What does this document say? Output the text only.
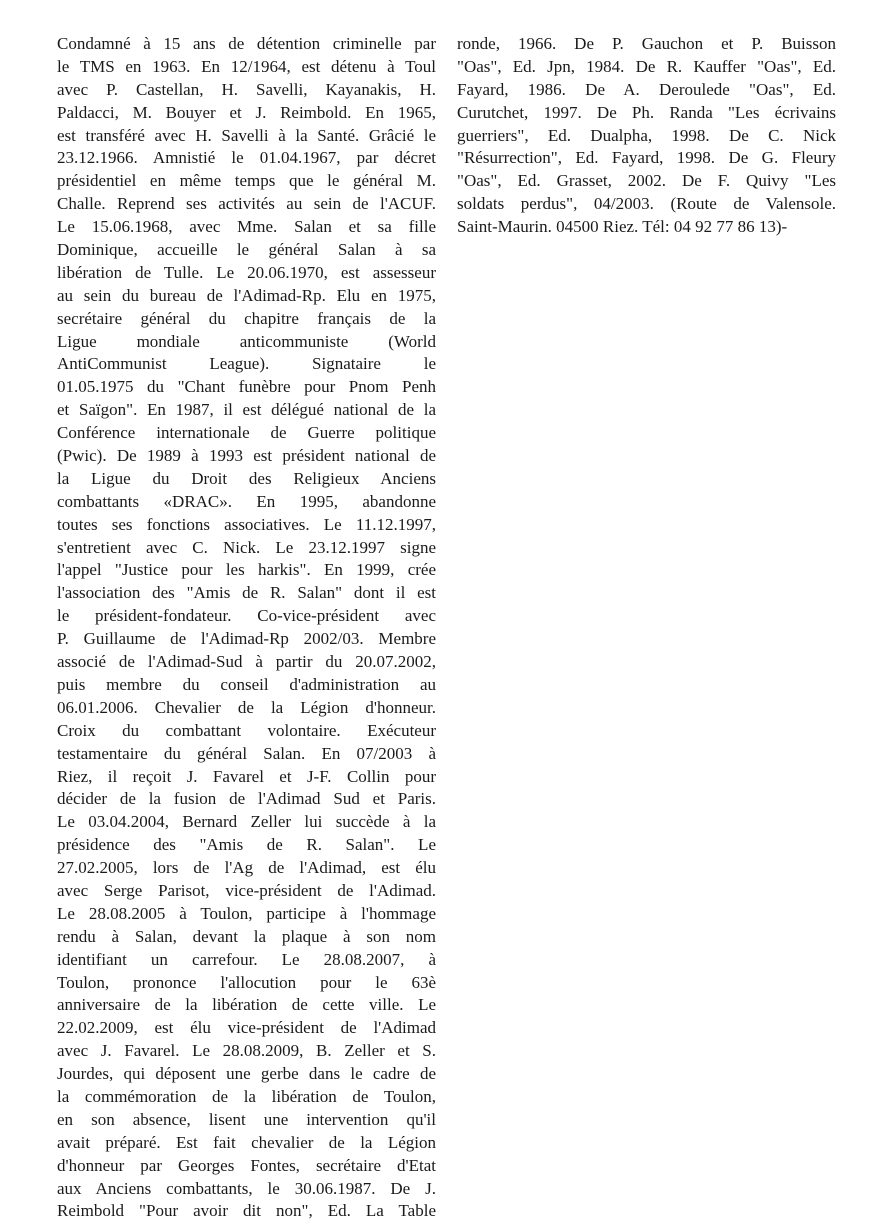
Condamné à 15 ans de détention criminelle par
le TMS en 1963. En 12/1964, est détenu à Toul
avec P. Castellan, H. Savelli, Kayanakis, H.
Paldacci, M. Bouyer et J. Reimbold. En 1965,
est transféré avec H. Savelli à la Santé. Grâcié le
23.12.1966. Amnistié le 01.04.1967, par décret
présidentiel en même temps que le général M.
Challe. Reprend ses activités au sein de l'ACUF.
Le 15.06.1968, avec Mme. Salan et sa fille
Dominique, accueille le général Salan à sa
libération de Tulle. Le 20.06.1970, est assesseur
au sein du bureau de l'Adimad-Rp. Elu en 1975,
secrétaire général du chapitre français de la
Ligue mondiale anticommuniste (World
AntiCommunist League). Signataire le
01.05.1975 du "Chant funèbre pour Pnom Penh
et Saïgon". En 1987, il est délégué national de la
Conférence internationale de Guerre politique
(Pwic). De 1989 à 1993 est président national de
la Ligue du Droit des Religieux Anciens
combattants «DRAC». En 1995, abandonne
toutes ses fonctions associatives. Le 11.12.1997,
s'entretient avec C. Nick. Le 23.12.1997 signe
l'appel "Justice pour les harkis". En 1999, crée
l'association des "Amis de R. Salan" dont il est
le président-fondateur. Co-vice-président avec
P. Guillaume de l'Adimad-Rp 2002/03. Membre
associé de l'Adimad-Sud à partir du 20.07.2002,
puis membre du conseil d'administration au
06.01.2006. Chevalier de la Légion d'honneur.
Croix du combattant volontaire. Exécuteur
testamentaire du général Salan. En 07/2003 à
Riez, il reçoit J. Favarel et J-F. Collin pour
décider de la fusion de l'Adimad Sud et Paris.
Le 03.04.2004, Bernard Zeller lui succède à la
présidence des "Amis de R. Salan". Le
27.02.2005, lors de l'Ag de l'Adimad, est élu
avec Serge Parisot, vice-président de l'Adimad.
Le 28.08.2005 à Toulon, participe à l'hommage
rendu à Salan, devant la plaque à son nom
identifiant un carrefour. Le 28.08.2007, à
Toulon, prononce l'allocution pour le 63è
anniversaire de la libération de cette ville. Le
22.02.2009, est élu vice-président de l'Adimad
avec J. Favarel. Le 28.08.2009, B. Zeller et S.
Jourdes, qui déposent une gerbe dans le cadre de
la commémoration de la libération de Toulon,
en son absence, lisent une intervention qu'il
avait préparé. Est fait chevalier de la Légion
d'honneur par Georges Fontes, secrétaire d'Etat
aux Anciens combattants, le 30.06.1987. De J.
Reimbold "Pour avoir dit non", Ed. La Table
ronde, 1966. De P. Gauchon et P. Buisson
"Oas", Ed. Jpn, 1984. De R. Kauffer "Oas", Ed.
Fayard, 1986. De A. Deroulede "Oas", Ed.
Curutchet, 1997. De Ph. Randa "Les écrivains
guerriers", Ed. Dualpha, 1998. De C. Nick
"Résurrection", Ed. Fayard, 1998. De G. Fleury
"Oas", Ed. Grasset, 2002. De F. Quivy "Les
soldats perdus", 04/2003. (Route de Valensole.
Saint-Maurin. 04500 Riez. Tél: 04 92 77 86 13)-
